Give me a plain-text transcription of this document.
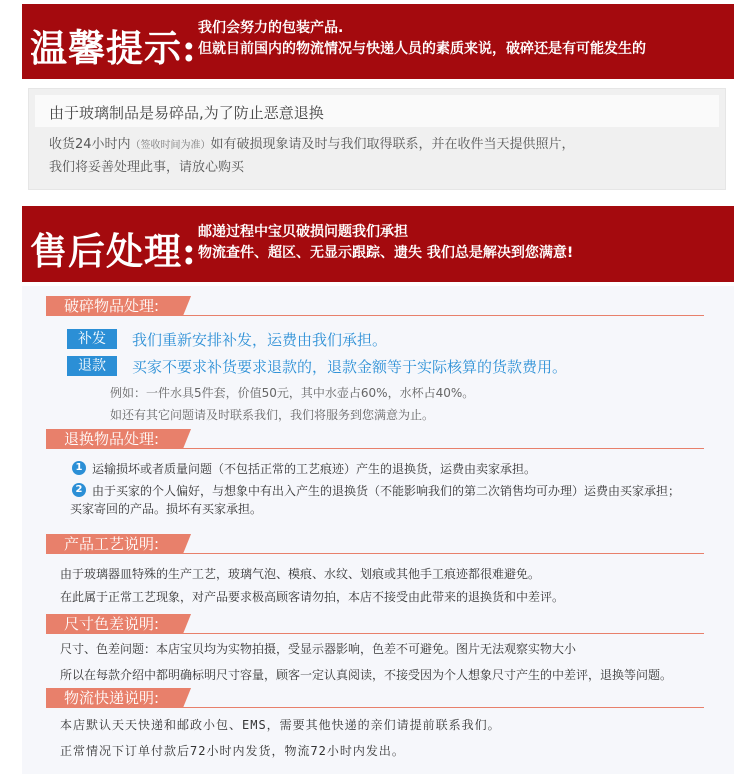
温馨提示: 我们会努力的包装产品.
但就目前国内的物流情况与快递人员的素质来说，破碎还是有可能发生的
由于玻璃制品是易碎品,为了防止恶意退换
收货24小时内（签收时间为准）如有破损现象请及时与我们取得联系，并在收件当天提供照片，
我们将妥善处理此事，请放心购买
售后处理: 邮递过程中宝贝破损问题我们承担
物流查件、超区、无显示跟踪、遗失 我们总是解决到您满意!
破碎物品处理:
补发	我们重新安排补发，运费由我们承担。
退款	买家不要求补货要求退款的，退款金额等于实际核算的货款费用。
例如：一件水具5件套，价值50元，其中水壶占60%，水杯占40%。
如还有其它问题请及时联系我们，我们将服务到您满意为止。
退换物品处理:
1 运输损坏或者质量问题（不包括正常的工艺痕迹）产生的退换货，运费由卖家承担。
2 由于买家的个人偏好，与想象中有出入产生的退换货（不能影响我们的第二次销售均可办理）运费由买家承担；
买家寄回的产品。损坏有买家承担。
产品工艺说明:
由于玻璃器皿特殊的生产工艺，玻璃气泡、模痕、水纹、划痕或其他手工痕迹都很难避免。
在此属于正常工艺现象，对产品要求极高顾客请勿拍，本店不接受由此带来的退换货和中差评。
尺寸色差说明:
尺寸、色差问题：本店宝贝均为实物拍摄，受显示器影响，色差不可避免。图片无法观察实物大小
所以在每款介绍中都明确标明尺寸容量，顾客一定认真阅读，不接受因为个人想象尺寸产生的中差评，退换等问题。
物流快递说明:
本店默认天天快递和邮政小包、EMS，需要其他快递的亲们请提前联系我们。
正常情况下订单付款后72小时内发货，物流72小时内发出。
